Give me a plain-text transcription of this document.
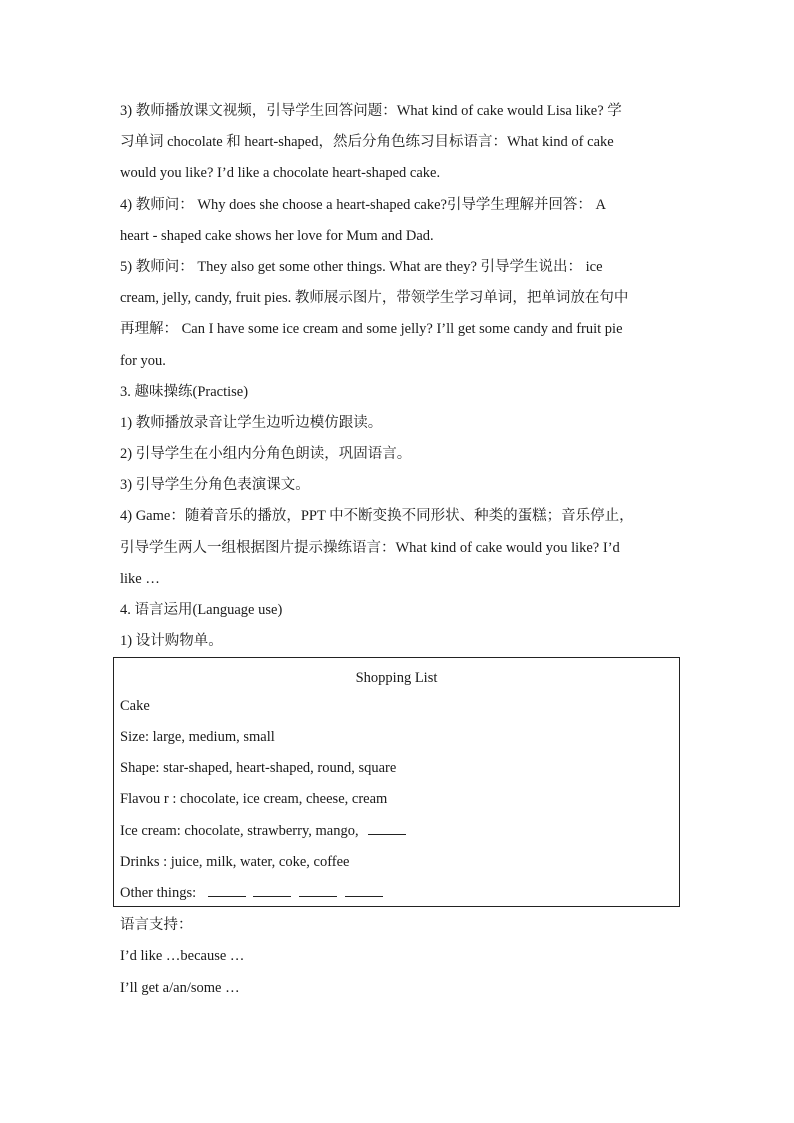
3) 教师播放课文视频，引导学生回答问题：What kind of cake would Lisa like? 学
习单词 chocolate 和 heart-shaped，然后分角色练习目标语言：What kind of cake
would you like? I’d like a chocolate heart-shaped cake.
4) 教师问： Why does she choose a heart-shaped cake?引导学生理解并回答： A
heart - shaped cake shows her love for Mum and Dad.
5) 教师问： They also get some other things. What are they? 引导学生说出： ice
cream, jelly, candy, fruit pies. 教师展示图片，带领学生学习单词，把单词放在句中
再理解： Can I have some ice cream and some jelly? I’ll get some candy and fruit pie
for you.
3. 趣味操练(Practise)
1) 教师播放录音让学生边听边模仿跟读。
2) 引导学生在小组内分角色朗读，巩固语言。
3) 引导学生分角色表演课文。
4) Game：随着音乐的播放，PPT 中不断变换不同形状、种类的蛋糕；音乐停止，
引导学生两人一组根据图片提示操练语言：What kind of cake would you like? I’d
like …
4. 语言运用(Language use)
1) 设计购物单。
Shopping List
Cake
Size: large, medium, small
Shape: star-shaped, heart-shaped, round, square
Flavou r : chocolate, ice cream, cheese, cream
Ice cream: chocolate, strawberry, mango,
Drinks : juice, milk, water, coke, coffee
Other things:
语言支持：
I’d like …because …
I’ll get a/an/some …
